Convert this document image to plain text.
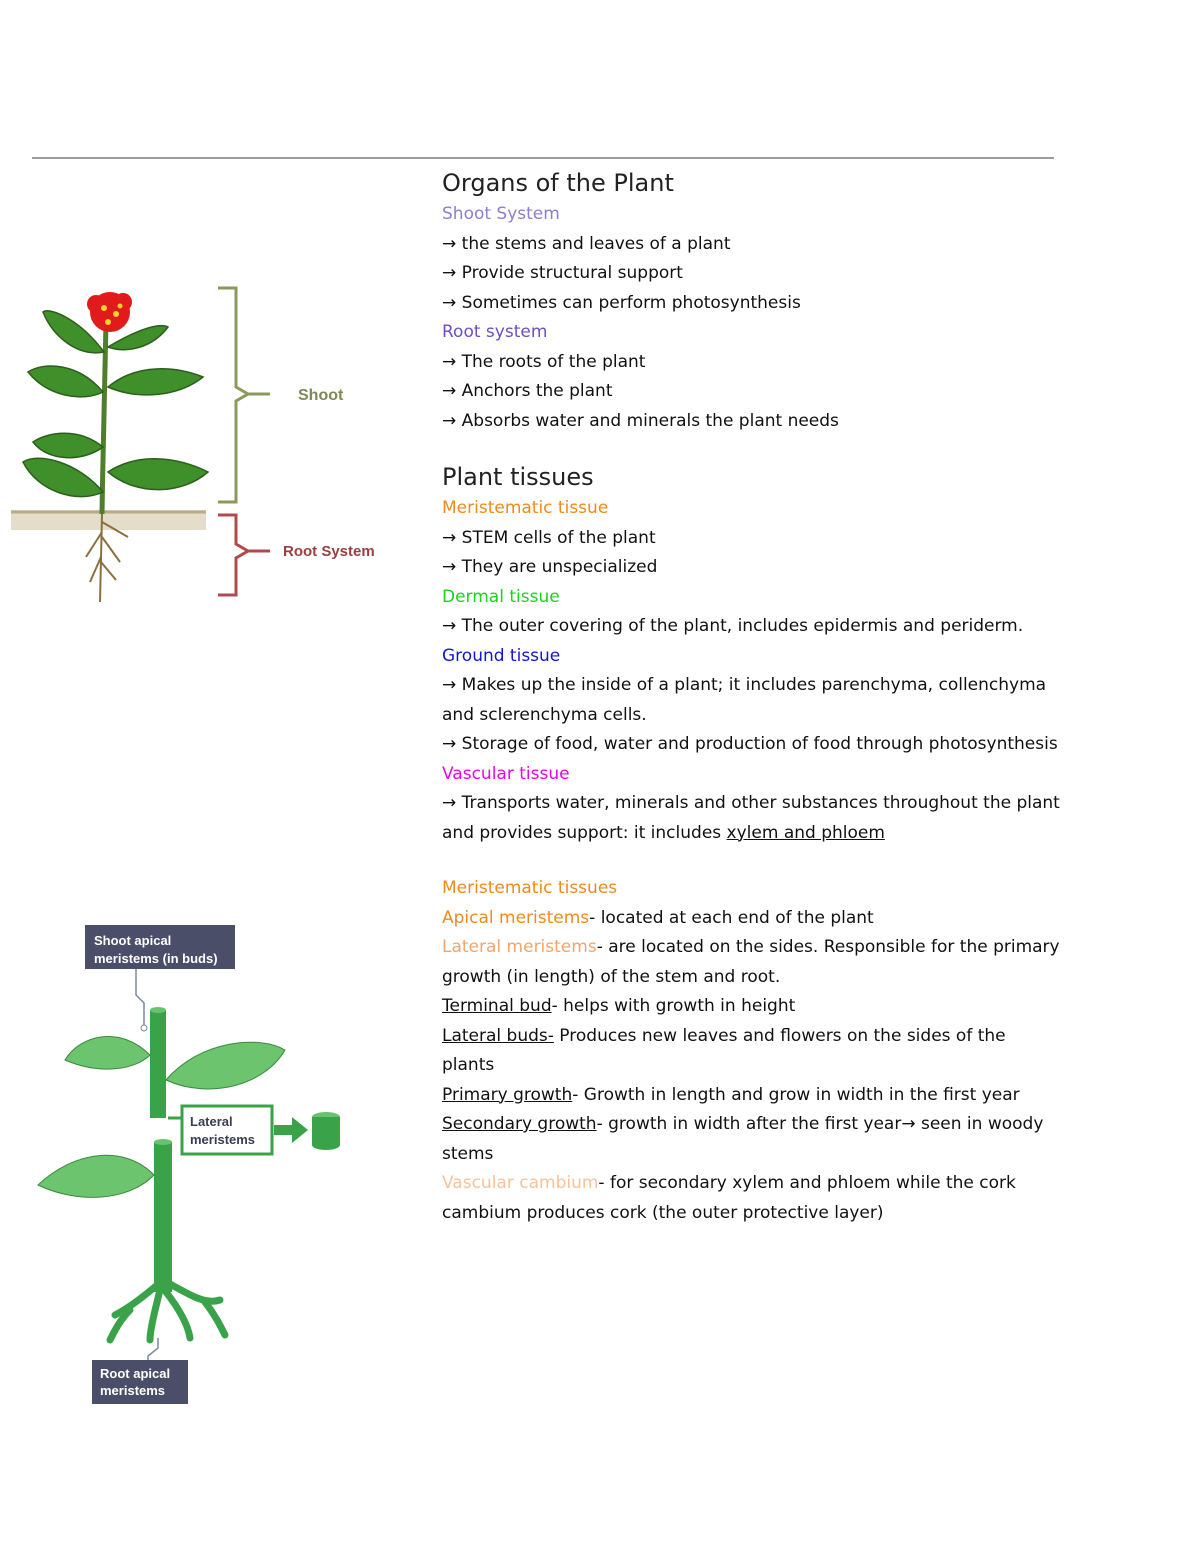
Shoot
Root System
Shoot apical
meristems (in buds)
Lateral
meristems
Root apical
meristems

Organs of the Plant

Shoot System

→ the stems and leaves of a plant

→ Provide structural support

→ Sometimes can perform photosynthesis

Root system

→ The roots of the plant

→ Anchors the plant

→ Absorbs water and minerals the plant needs

Plant tissues

Meristematic tissue

→ STEM cells of the plant

→ They are unspecialized

Dermal tissue

→ The outer covering of the plant, includes epidermis and periderm.

Ground tissue

→ Makes up the inside of a plant; it includes parenchyma, collenchyma and sclerenchyma cells.

→ Storage of food, water and production of food through photosynthesis

Vascular tissue

→ Transports water, minerals and other substances throughout the plant and provides support: it includes xylem and phloem

Meristematic tissues

Apical meristems- located at each end of the plant

Lateral meristems- are located on the sides. Responsible for the primary growth (in length) of the stem and root.

Terminal bud- helps with growth in height

Lateral buds- Produces new leaves and flowers on the sides of the plants

Primary growth- Growth in length and grow in width in the first year

Secondary growth- growth in width after the first year→ seen in woody stems

Vascular cambium- for secondary xylem and phloem while the cork cambium produces cork (the outer protective layer)
